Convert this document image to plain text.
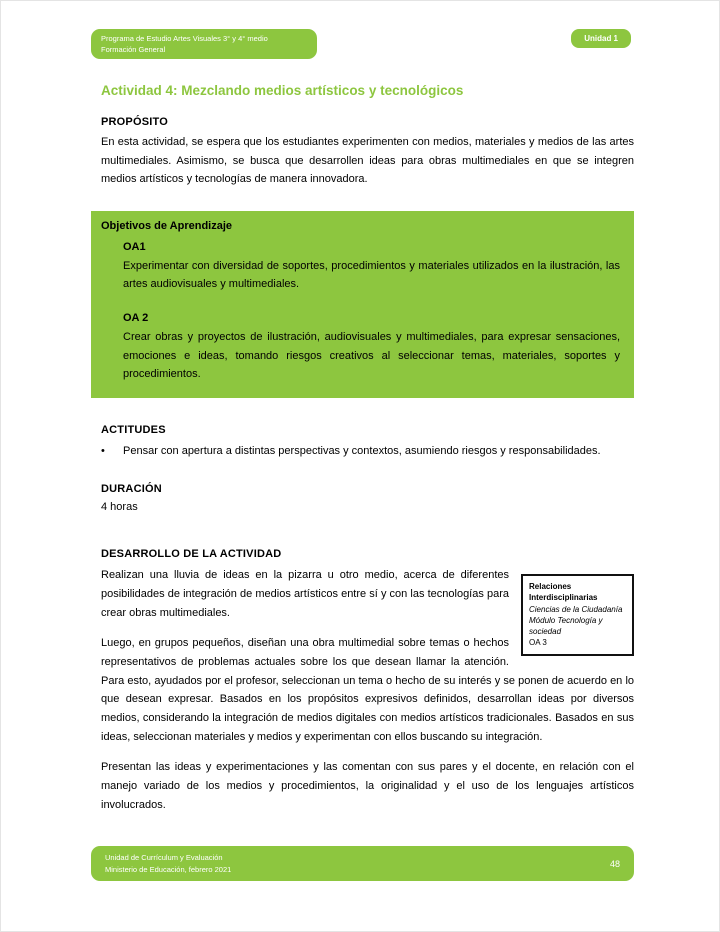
Programa de Estudio Artes Visuales 3° y 4° medio
Formación General
Unidad 1
Actividad 4: Mezclando medios artísticos y tecnológicos
PROPÓSITO

En esta actividad, se espera que los estudiantes experimenten con medios, materiales y medios de las artes multimediales. Asimismo, se busca que desarrollen ideas para obras multimediales en que se integren medios artísticos y tecnologías de manera innovadora.

Objetivos de Aprendizaje
OA1

Experimentar con diversidad de soportes, procedimientos y materiales utilizados en la ilustración, las artes audiovisuales y multimediales.

OA 2

Crear obras y proyectos de ilustración, audiovisuales y multimediales, para expresar sensaciones, emociones e ideas, tomando riesgos creativos al seleccionar temas, materiales, soportes y procedimientos.

ACTITUDES
•	Pensar con apertura a distintas perspectivas y contextos, asumiendo riesgos y responsabilidades.
DURACIÓN

4 horas

DESARROLLO DE LA ACTIVIDAD
Relaciones Interdisciplinarias
Ciencias de la Ciudadanía
Módulo Tecnología y sociedad
OA 3

Realizan una lluvia de ideas en la pizarra u otro medio, acerca de diferentes posibilidades de integración de medios artísticos entre sí y con las tecnologías para crear obras multimediales.

Luego, en grupos pequeños, diseñan una obra multimedial sobre temas o hechos representativos de problemas actuales sobre los que desean llamar la atención. Para esto, ayudados por el profesor, seleccionan un tema o hecho de su interés y se ponen de acuerdo en lo que desean expresar. Basados en los propósitos expresivos definidos, desarrollan ideas por diversos medios, considerando la integración de medios digitales con medios artísticos tradicionales. Basados en sus ideas, seleccionan materiales y medios y experimentan con ellos buscando su integración.

Presentan las ideas y experimentaciones y las comentan con sus pares y el docente, en relación con el manejo variado de los medios y procedimientos, la originalidad y el uso de los lenguajes artísticos involucrados.

Unidad de Currículum y Evaluación
Ministerio de Educación, febrero 2021
48
